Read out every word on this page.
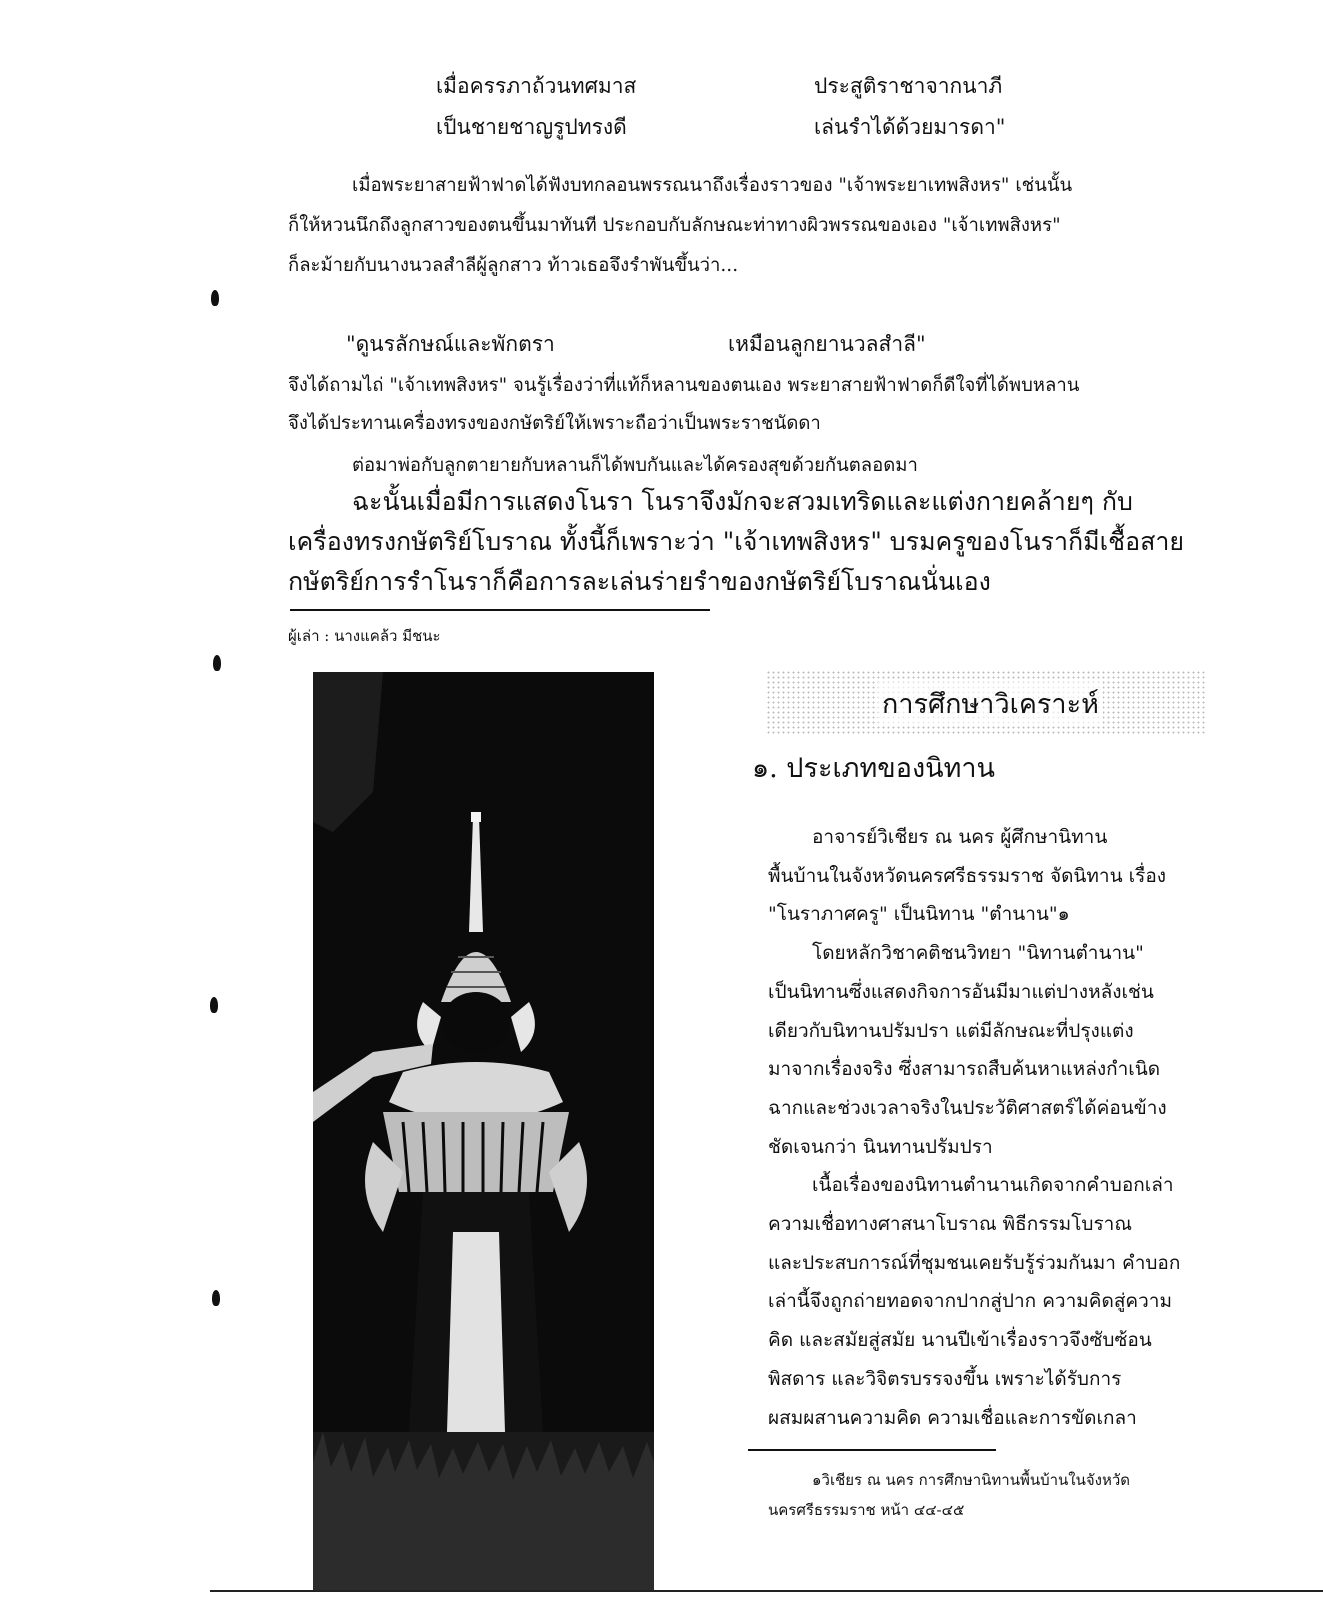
เมื่อครรภาถ้วนทศมาส	ประสูติราชาจากนาภี
เป็นชายชาญรูปทรงดี	เล่นรำได้ด้วยมารดา"
เมื่อพระยาสายฟ้าฟาดได้ฟังบทกลอนพรรณนาถึงเรื่องราวของ "เจ้าพระยาเทพสิงหร" เช่นนั้น
ก็ให้หวนนึกถึงลูกสาวของตนขึ้นมาทันที ประกอบกับลักษณะท่าทางผิวพรรณของเอง "เจ้าเทพสิงหร"
ก็ละม้ายกับนางนวลสำลีผู้ลูกสาว ท้าวเธอจึงรำพันขึ้นว่า...
"ดูนรลักษณ์และพักตรา	เหมือนลูกยานวลสำลี"
จึงได้ถามไถ่ "เจ้าเทพสิงหร" จนรู้เรื่องว่าที่แท้ก็หลานของตนเอง พระยาสายฟ้าฟาดก็ดีใจที่ได้พบหลาน
จึงได้ประทานเครื่องทรงของกษัตริย์ให้เพราะถือว่าเป็นพระราชนัดดา
ต่อมาพ่อกับลูกตายายกับหลานก็ได้พบกันและได้ครองสุขด้วยกันตลอดมา
ฉะนั้นเมื่อมีการแสดงโนรา โนราจึงมักจะสวมเทริดและแต่งกายคล้ายๆ กับ
เครื่องทรงกษัตริย์โบราณ ทั้งนี้ก็เพราะว่า "เจ้าเทพสิงหร" บรมครูของโนราก็มีเชื้อสาย
กษัตริย์การรำโนราก็คือการละเล่นร่ายรำของกษัตริย์โบราณนั่นเอง
ผู้เล่า : นางแคล้ว มีชนะ
การศึกษาวิเคราะห์
๑. ประเภทของนิทาน
อาจารย์วิเชียร ณ นคร ผู้ศึกษานิทาน
พื้นบ้านในจังหวัดนครศรีธรรมราช จัดนิทาน เรื่อง
"โนราภาศครู" เป็นนิทาน "ตำนาน"๑
โดยหลักวิชาคติชนวิทยา "นิทานตำนาน"
เป็นนิทานซึ่งแสดงกิจการอันมีมาแต่ปางหลังเช่น
เดียวกับนิทานปรัมปรา แต่มีลักษณะที่ปรุงแต่ง
มาจากเรื่องจริง ซึ่งสามารถสืบค้นหาแหล่งกำเนิด
ฉากและช่วงเวลาจริงในประวัติศาสตร์ได้ค่อนข้าง
ชัดเจนกว่า นินทานปรัมปรา
เนื้อเรื่องของนิทานตำนานเกิดจากคำบอกเล่า
ความเชื่อทางศาสนาโบราณ พิธีกรรมโบราณ
และประสบการณ์ที่ชุมชนเคยรับรู้ร่วมกันมา คำบอก
เล่านี้จึงถูกถ่ายทอดจากปากสู่ปาก ความคิดสู่ความ
คิด และสมัยสู่สมัย นานปีเข้าเรื่องราวจึงซับซ้อน
พิสดาร และวิจิตรบรรจงขึ้น เพราะได้รับการ
ผสมผสานความคิด ความเชื่อและการขัดเกลา
๑วิเชียร ณ นคร การศึกษานิทานพื้นบ้านในจังหวัด
นครศรีธรรมราช หน้า ๔๔-๔๕
